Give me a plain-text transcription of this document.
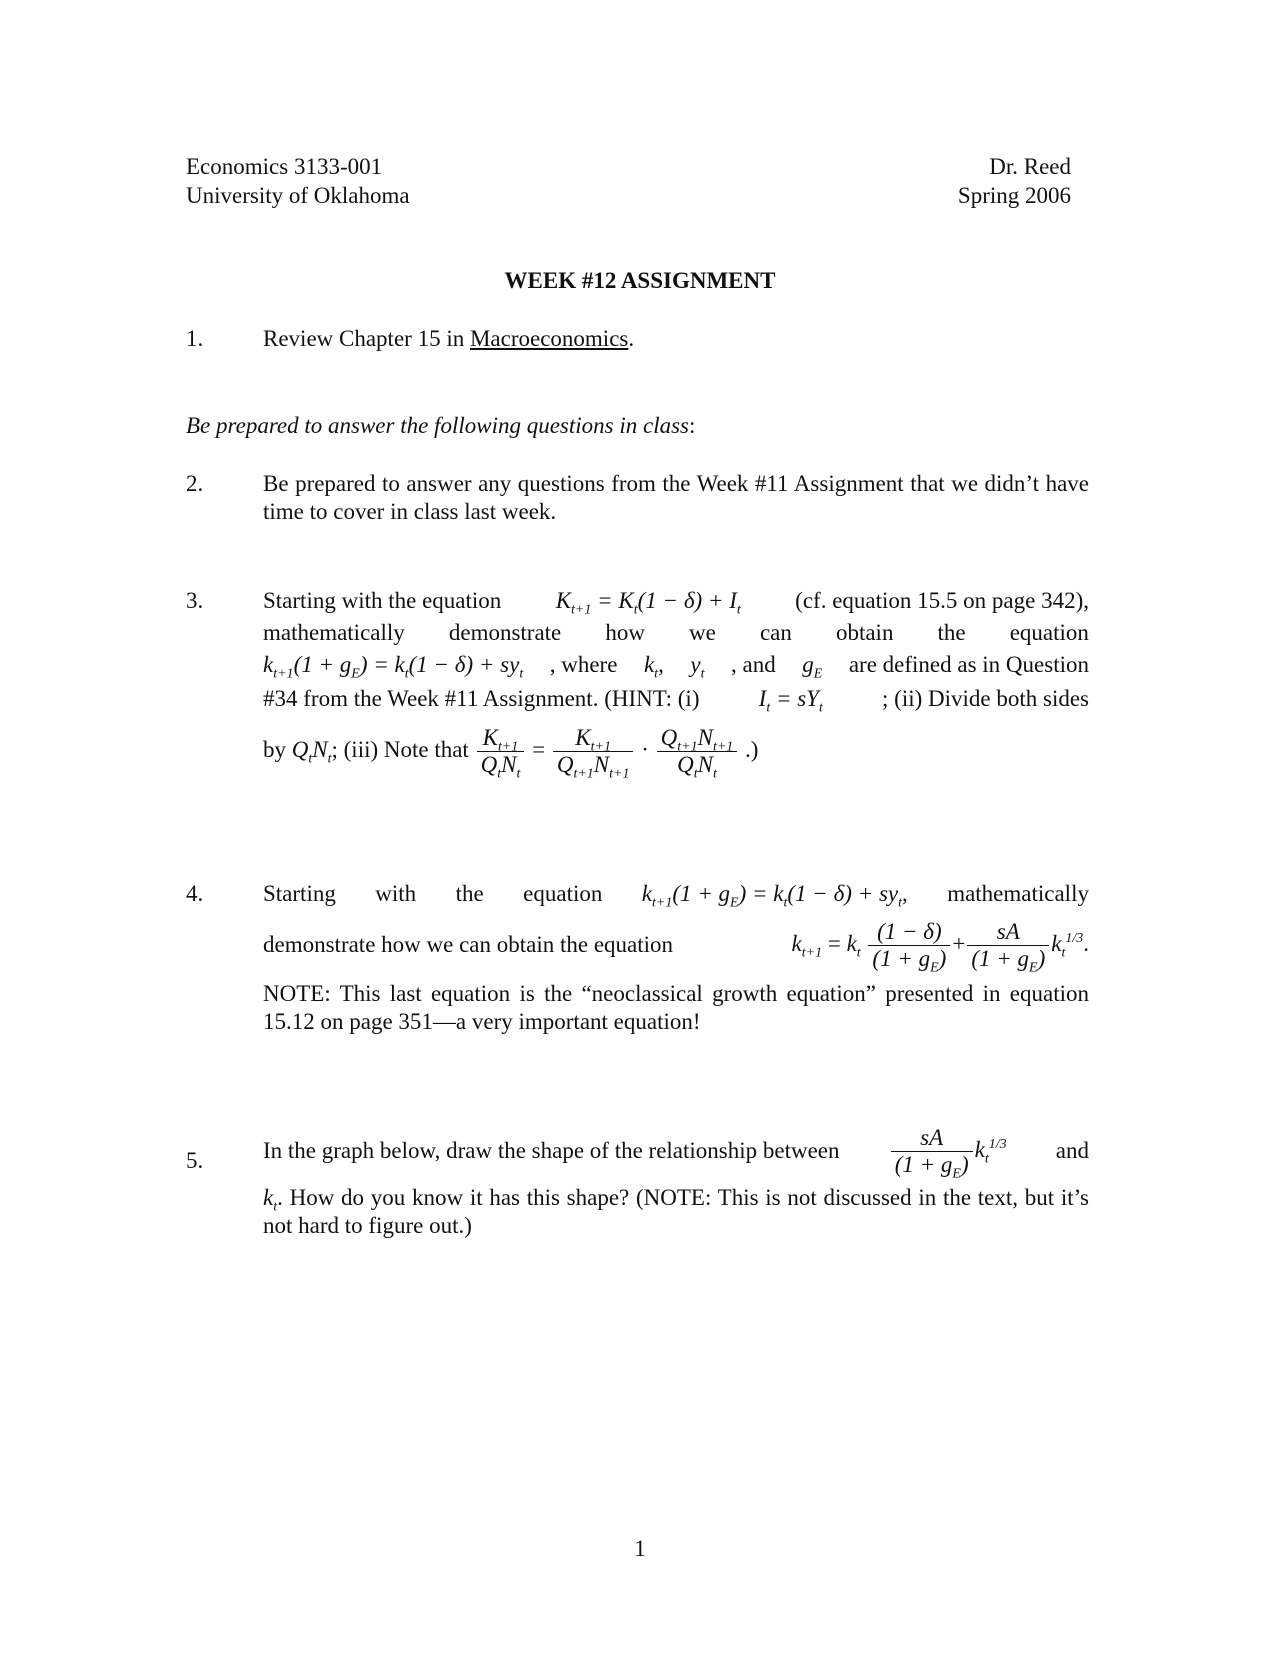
Economics 3133-001
University of Oklahoma
Dr. Reed
Spring 2006
WEEK #12 ASSIGNMENT
1.	Review Chapter 15 in Macroeconomics.
Be prepared to answer the following questions in class:
2.	Be prepared to answer any questions from the Week #11 Assignment that we didn’t have time to cover in class last week.
3.	Starting with the equation $K_{t+1} = K_t(1 - \delta) + I_t$ (cf. equation 15.5 on page 342),
mathematically demonstrate how we can obtain the equation
$k_{t+1}(1 + g_E) = k_t(1 - \delta) + sy_t$ , where $k_t$, $y_t$ , and $g_E$ are defined as in Question
#34 from the Week #11 Assignment. (HINT: (i)	$I_t = sY_t$	; (ii) Divide both sides
by $Q_tN_t$; (iii) Note that $\frac{K_{t+1}}{Q_tN_t} = \frac{K_{t+1}}{Q_{t+1}N_{t+1}} \cdot \frac{Q_{t+1}N_{t+1}}{Q_tN_t}$ .)
4.	Starting with the equation $k_{t+1}(1 + g_E) = k_t(1 - \delta) + sy_t$, mathematically
demonstrate how we can obtain the equation	$k_{t+1} = k_t \frac{(1 - \delta)}{(1 + g_E)} + \frac{sA}{(1 + g_E)} k_t^{1/3}$.
NOTE: This last equation is the “neoclassical growth equation” presented in equation 15.12 on page 351—a very important equation!
5.	In the graph below, draw the shape of the relationship between $\frac{sA}{(1 + g_E)} k_t^{1/3}$ and
$k_t$. How do you know it has this shape? (NOTE: This is not discussed in the text, but it’s not hard to figure out.)
1
